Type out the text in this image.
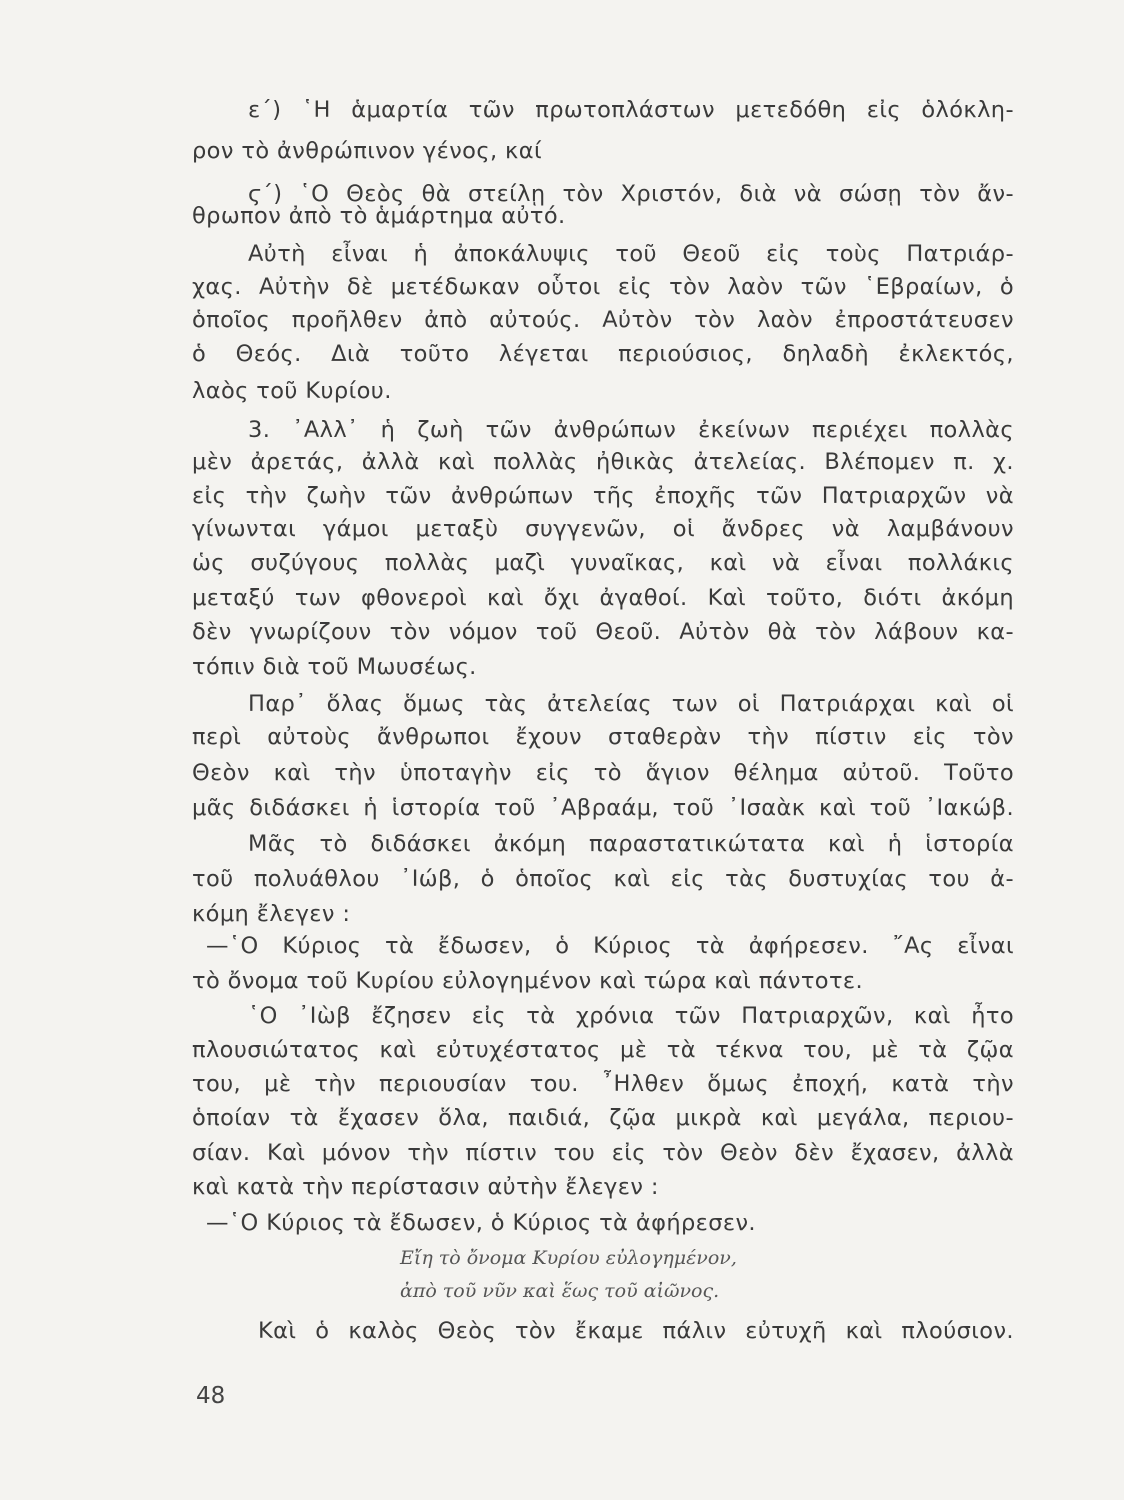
ε΄) ῾Η ἁμαρτία τῶν πρωτοπλάστων μετεδόθη εἰς ὁλόκλη-
ρον τὸ ἀνθρώπινον γένος, καί
ϛ΄) ῾Ο Θεὸς θὰ στείλῃ τὸν Χριστόν, διὰ νὰ σώσῃ τὸν ἄν-
θρωπον ἀπὸ τὸ ἁμάρτημα αὐτό.
Αὐτὴ εἶναι ἡ ἀποκάλυψις τοῦ Θεοῦ εἰς τοὺς Πατριάρ-
χας. Αὐτὴν δὲ μετέδωκαν οὗτοι εἰς τὸν λαὸν τῶν ῾Εβραίων, ὁ
ὁποῖος προῆλθεν ἀπὸ αὐτούς. Αὐτὸν τὸν λαὸν ἐπροστάτευσεν
ὁ Θεός. Διὰ τοῦτο λέγεται περιούσιος, δηλαδὴ ἐκλεκτός,
λαὸς τοῦ Κυρίου.
3. ᾿Αλλ᾿ ἡ ζωὴ τῶν ἀνθρώπων ἐκείνων περιέχει πολλὰς
μὲν ἀρετάς, ἀλλὰ καὶ πολλὰς ἠθικὰς ἀτελείας. Βλέπομεν π. χ.
εἰς τὴν ζωὴν τῶν ἀνθρώπων τῆς ἐποχῆς τῶν Πατριαρχῶν νὰ
γίνωνται γάμοι μεταξὺ συγγενῶν, οἱ ἄνδρες νὰ λαμβάνουν
ὡς συζύγους πολλὰς μαζὶ γυναῖκας, καὶ νὰ εἶναι πολλάκις
μεταξύ των φθονεροὶ καὶ ὄχι ἀγαθοί. Καὶ τοῦτο, διότι ἀκόμη
δὲν γνωρίζουν τὸν νόμον τοῦ Θεοῦ. Αὐτὸν θὰ τὸν λάβουν κα-
τόπιν διὰ τοῦ Μωυσέως.
Παρ᾿ ὅλας ὅμως τὰς ἀτελείας των οἱ Πατριάρχαι καὶ οἱ
περὶ αὐτοὺς ἄνθρωποι ἔχουν σταθερὰν τὴν πίστιν εἰς τὸν
Θεὸν καὶ τὴν ὑποταγὴν εἰς τὸ ἅγιον θέλημα αὐτοῦ. Τοῦτο
μᾶς διδάσκει ἡ ἱστορία τοῦ ᾿Αβραάμ, τοῦ ᾿Ισαὰκ καὶ τοῦ ᾿Ιακώβ.
Μᾶς τὸ διδάσκει ἀκόμη παραστατικώτατα καὶ ἡ ἱστορία
τοῦ πολυάθλου ᾿Ιώβ, ὁ ὁποῖος καὶ εἰς τὰς δυστυχίας του ἀ-
κόμη ἔλεγεν :
—῾Ο Κύριος τὰ ἔδωσεν, ὁ Κύριος τὰ ἀφήρεσεν. ῎Ας εἶναι
τὸ ὄνομα τοῦ Κυρίου εὐλογημένον καὶ τώρα καὶ πάντοτε.
῾Ο ᾿Ιὼβ ἔζησεν εἰς τὰ χρόνια τῶν Πατριαρχῶν, καὶ ἦτο
πλουσιώτατος καὶ εὐτυχέστατος μὲ τὰ τέκνα του, μὲ τὰ ζῷα
του, μὲ τὴν περιουσίαν του. ῏Ηλθεν ὅμως ἐποχή, κατὰ τὴν
ὁποίαν τὰ ἔχασεν ὅλα, παιδιά, ζῷα μικρὰ καὶ μεγάλα, περιου-
σίαν. Καὶ μόνον τὴν πίστιν του εἰς τὸν Θεὸν δὲν ἔχασεν, ἀλλὰ
καὶ κατὰ τὴν περίστασιν αὐτὴν ἔλεγεν :
—῾Ο Κύριος τὰ ἔδωσεν, ὁ Κύριος τὰ ἀφήρεσεν.
Εἴη τὸ ὄνομα Κυρίου εὐλογημένον,
ἀπὸ τοῦ νῦν καὶ ἕως τοῦ αἰῶνος.
Καὶ ὁ καλὸς Θεὸς τὸν ἔκαμε πάλιν εὐτυχῆ καὶ πλούσιον.
48
